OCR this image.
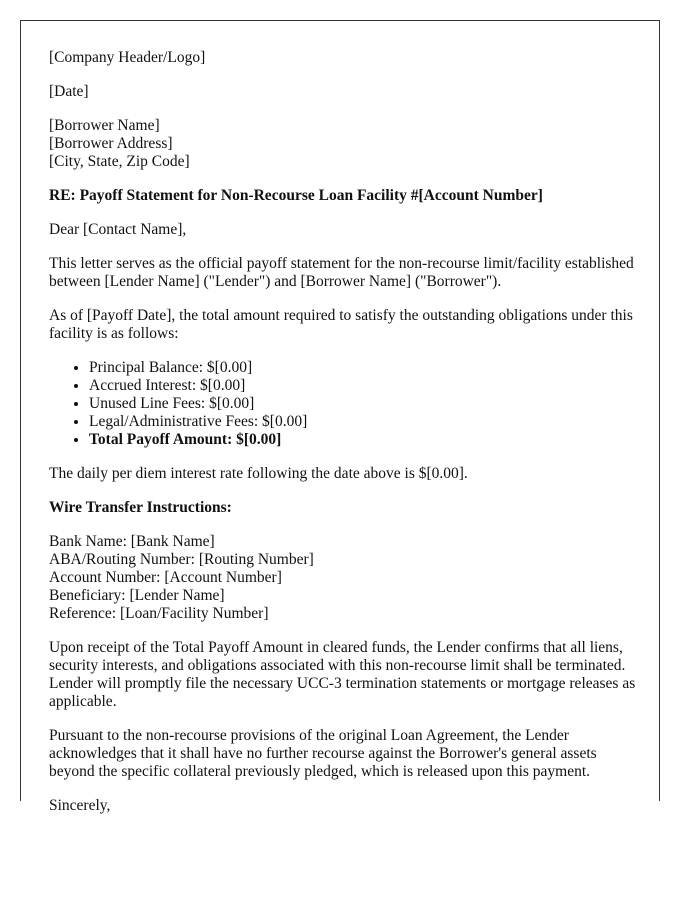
[Company Header/Logo]

[Date]

[Borrower Name]
[Borrower Address]
[City, State, Zip Code]

RE: Payoff Statement for Non-Recourse Loan Facility #[Account Number]

Dear [Contact Name],

This letter serves as the official payoff statement for the non-recourse limit/facility established between [Lender Name] ("Lender") and [Borrower Name] ("Borrower").

As of [Payoff Date], the total amount required to satisfy the outstanding obligations under this facility is as follows:

• Principal Balance: $[0.00]
• Accrued Interest: $[0.00]
• Unused Line Fees: $[0.00]
• Legal/Administrative Fees: $[0.00]
• Total Payoff Amount: $[0.00]

The daily per diem interest rate following the date above is $[0.00].

Wire Transfer Instructions:

Bank Name: [Bank Name]
ABA/Routing Number: [Routing Number]
Account Number: [Account Number]
Beneficiary: [Lender Name]
Reference: [Loan/Facility Number]

Upon receipt of the Total Payoff Amount in cleared funds, the Lender confirms that all liens, security interests, and obligations associated with this non-recourse limit shall be terminated. Lender will promptly file the necessary UCC-3 termination statements or mortgage releases as applicable.

Pursuant to the non-recourse provisions of the original Loan Agreement, the Lender acknowledges that it shall have no further recourse against the Borrower's general assets beyond the specific collateral previously pledged, which is released upon this payment.

Sincerely,
